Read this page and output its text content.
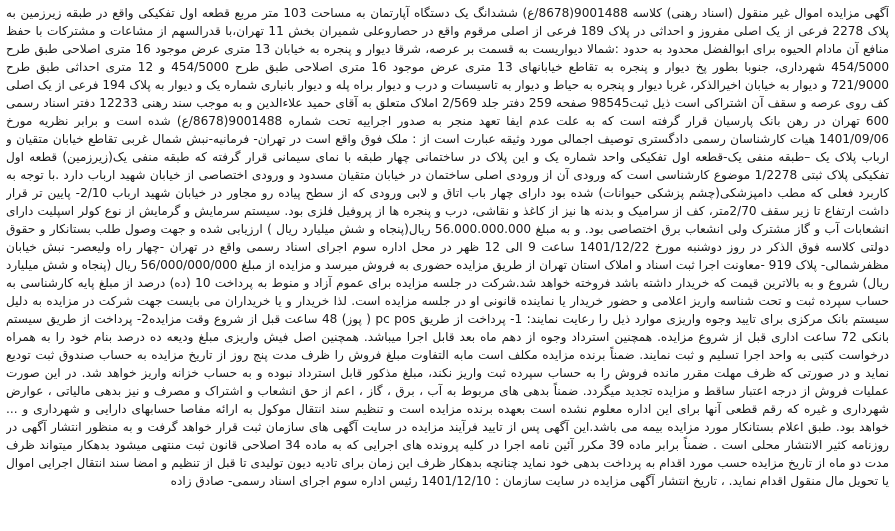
آگهی مزایده اموال غیر منقول (اسناد رهنی) کلاسه 9001488(8678/ع) ششدانگ یک دستگاه آپارتمان به مساحت 103 متر مربع قطعه اول تفکیکی واقع در طبقه زیرزمین به پلاک 2278 فرعی از یک اصلی مفروز و احداثی در پلاک 189 فرعی از اصلی مرقوم واقع در حصاروعلی شمیران بخش 11 تهران،با قدرالسهم از مشاعات و مشترکات با حفظ منافع آن مادام الحیوه برای ابوالفضل محدود به حدود :شمالا دیواریست به قسمت بر عرصه، شرقا دیوار و پنجره به خیابان 13 متری عرض موجود 16 متری اصلاحی طبق طرح 454/5000 شهرداری، جنوبا بطور پخ دیوار و پنجره به تقاطع خیابانهای 13 متری عرض موجود 16 متری اصلاحی طبق طرح 454/5000 و 12 متری احداثی طبق طرح 721/9000 و دیوار به خیابان اخیرالذکر، غربا دیوار و پنجره به حیاط و دیوار به تاسیسات و درب و دیوار براه پله و دیوار بانباری شماره یک و دیوار به پلاک 194 فرعی از یک اصلی کف روی عرصه و سقف آن اشتراکی است ذیل ثبت98545 صفحه 259 دفتر جلد 2/569 املاک متعلق به آقای حمید علاءالدین و به موجب سند رهنی 12233 دفتر اسناد رسمی 600 تهران در رهن بانک پارسیان قرار گرفته است که به علت عدم ایفا تعهد منجر به صدور اجراییه تحت شماره 9001488(8678/ع) شده است و برابر نظریه مورخ 1401/09/06 هیات کارشناسان رسمی دادگستری توصیف اجمالی مورد وثیقه عبارت است از : ملک فوق واقع است در تهران- فرمانیه-نبش شمال غربی تقاطع خیابان متقیان و ارباب پلاک یک –طبقه منفی یک-قطعه اول تفکیکی واحد شماره یک و این پلاک در ساختمانی چهار طبقه با نمای سیمانی قرار گرفته که طبقه منفی یک(زیرزمین) قطعه اول تفکیکی پلاک ثبتی 1/2278 موضوع کارشناسی است که ورودی آن از ورودی اصلی ساختمان در خیابان متقیان مسدود و ورودی اختصاصی از خیابان شهید ارباب دارد .با توجه به کاربرد فعلی که مطب دامپزشکی(چشم پزشکی حیوانات) شده بود دارای چهار باب اتاق و لابی ورودی که از سطح پیاده رو مجاور در خیابان شهید ارباب 2/10- پایین تر قرار داشت ارتفاع تا زیر سقف 2/70متر، کف از سرامیک و بدنه ها نیز از کاغذ و نقاشی، درب و پنجره ها از پروفیل فلزی بود. سیستم سرمایش و گرمایش از نوع کولر اسپلیت دارای انشعابات آب و گاز مشترک ولی انشعاب برق اختصاصی بود. و به مبلغ 56.000.000.000 ریال(پنجاه و شش میلیارد ریال ) ارزیابی شده و جهت وصول طلب بستانکار و حقوق دولتی کلاسه فوق الذکر در روز دوشنبه مورخ 1401/12/22 ساعت 9 الی 12 ظهر در محل اداره سوم اجرای اسناد رسمی واقع در تهران -چهار راه ولیعصر- نبش خیابان مظفرشمالی- پلاک 919 -معاونت اجرا ثبت اسناد و املاک استان تهران از طریق مزایده حضوری به فروش میرسد و مزایده از مبلغ 56/000/000/000 ریال (پنجاه و شش میلیارد ریال) شروع و به بالاترین قیمت که خریدار داشته باشد فروخته خواهد شد.شرکت در جلسه مزایده برای عموم آزاد و منوط به پرداخت 10 (ده) درصد از مبلغ پایه کارشناسی به حساب سپرده ثبت و تحت شناسه واریز اعلامی و حضور خریدار یا نماینده قانونی او در جلسه مزایده است. لذا خریدار و یا خریداران می بایست جهت شرکت در مزایده به دلیل سیستم بانک مرکزی برای تایید وجوه واریزی موارد ذیل را رعایت نمایند: 1- پرداخت از طریق pc pos ( پوز) 48 ساعت قبل از شروع وقت مزایده2- پرداخت از طریق سیستم بانکی 72 ساعت اداری قبل از شروع مزایده. همچنین استرداد وجوه از دهم ماه بعد قابل اجرا میباشد. همچنین اصل فیش واریزی مبلغ ودیعه ده درصد بنام خود را به همراه درخواست کتبی به واحد اجرا تسلیم و ثبت نمایند. ضمناً برنده مزایده مکلف است مابه التفاوت مبلغ فروش را ظرف مدت پنج روز از تاریخ مزایده به حساب صندوق ثبت تودیع نماید و در صورتی که ظرف مهلت مقرر مانده فروش را به حساب سپرده ثبت واریز نکند، مبلغ مذکور قابل استرداد نبوده و به حساب خزانه واریز خواهد شد. در این صورت عملیات فروش از درجه اعتبار ساقط و مزایده تجدید میگردد. ضمناً بدهی های مربوط به آب ، برق ، گاز ، اعم از حق انشعاب و اشتراک و مصرف و نیز بدهی مالیاتی ، عوارض شهرداری و غیره که رقم قطعی آنها برای این اداره معلوم نشده است بعهده برنده مزایده است و تنظیم سند انتقال موکول به ارائه مفاصا حسابهای دارایی و شهرداری و ... خواهد بود. طبق اعلام بستانکار مورد مزایده بیمه می باشد.این آگهی پس از تایید فرآیند مزایده در سایت آگهی های سازمان ثبت قرار خواهد گرفت و به منظور انتشار آگهی در روزنامه کثیر الانتشار محلی است . ضمناً برابر ماده 39 مکرر آئین نامه اجرا در کلیه پرونده های اجرایی که به ماده 34 اصلاحی قانون ثبت منتهی میشود بدهکار میتواند ظرف مدت دو ماه از تاریخ مزایده حسب مورد اقدام به پرداخت بدهی خود نماید چنانچه بدهکار ظرف این زمان برای تادیه دیون تولیدی تا قبل از تنظیم و امضا سند انتقال اجرایی اموال یا تحویل مال منقول اقدام نماید. ، تاریخ انتشار آگهی مزایده در سایت سازمان : 1401/12/10 رئیس اداره سوم اجرای اسناد رسمی- صادق زاده
